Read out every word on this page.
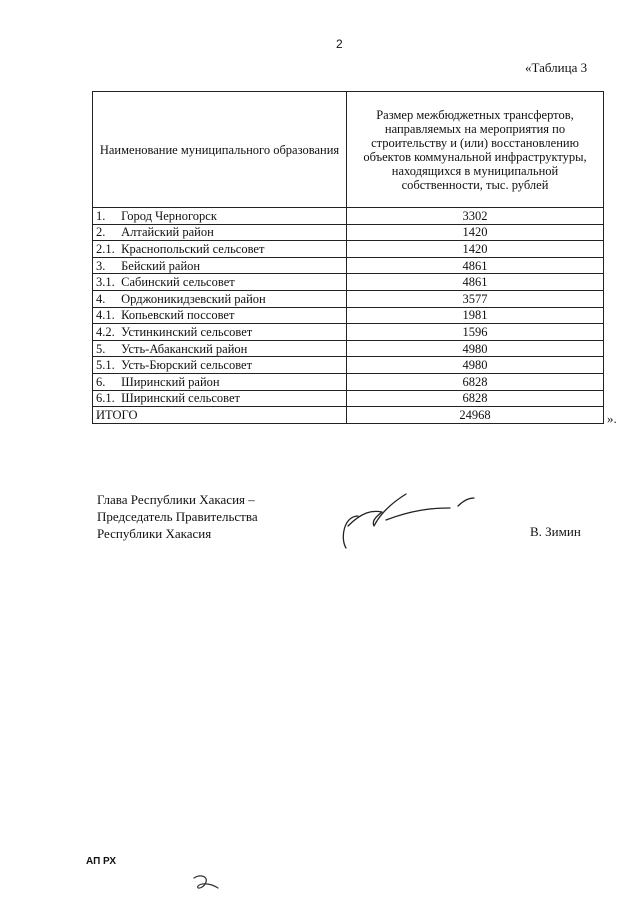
2
«Таблица 3
Наименование муниципального образования	Размер межбюджетных трансфертов, направляемых на мероприятия по строительству и (или) восстановлению объектов коммунальной инфраструктуры, находящихся в муниципальной собственности, тыс. рублей
1. Город Черногорск	3302
2. Алтайский район	1420
2.1. Краснопольский сельсовет	1420
3. Бейский район	4861
3.1. Сабинский сельсовет	4861
4. Орджоникидзевский район	3577
4.1. Копьевский поссовет	1981
4.2. Устинкинский сельсовет	1596
5. Усть-Абаканский район	4980
5.1. Усть-Бюрский сельсовет	4980
6. Ширинский район	6828
6.1. Ширинский сельсовет	6828
ИТОГО	24968	».
Глава Республики Хакасия –
Председатель Правительства
Республики Хакасия	В. Зимин
АП РХ
